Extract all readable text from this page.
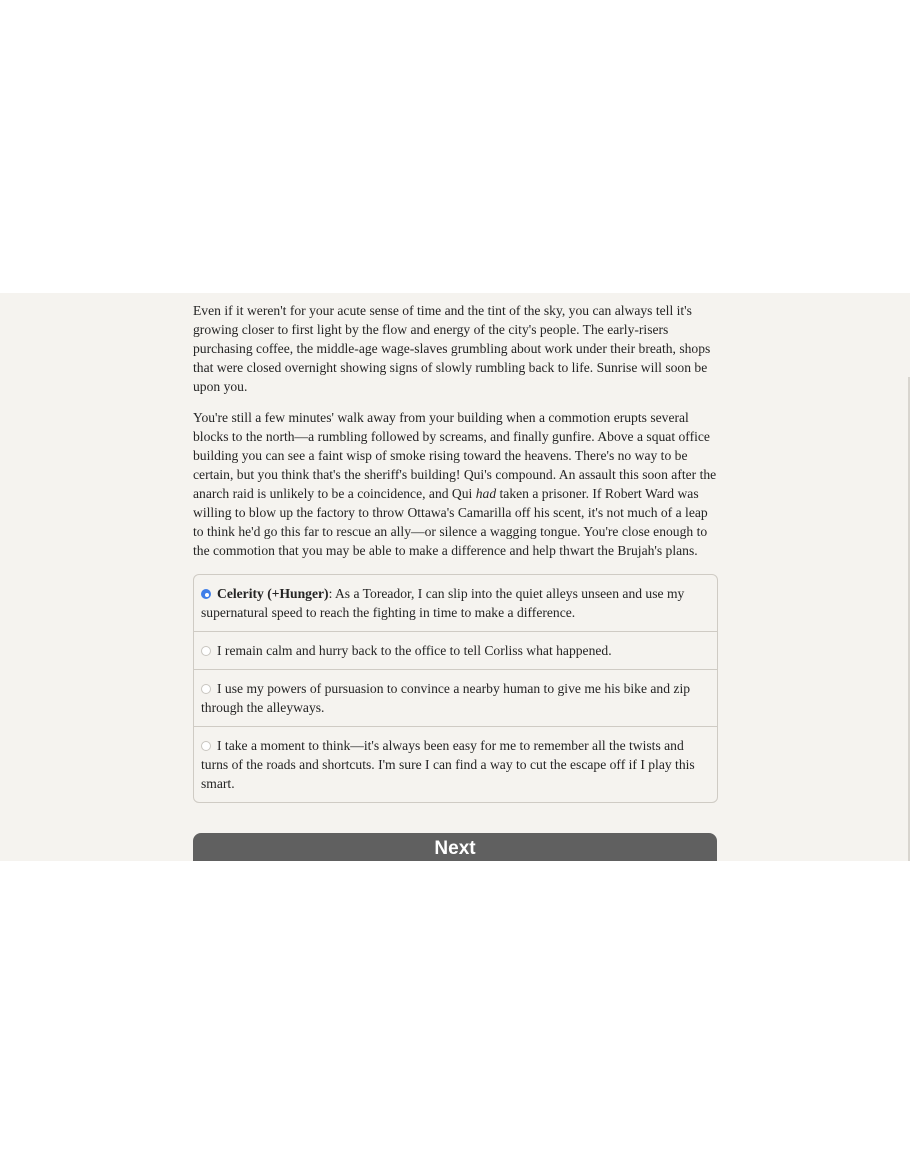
Even if it weren't for your acute sense of time and the tint of the sky, you can always tell it's growing closer to first light by the flow and energy of the city's people. The early-risers purchasing coffee, the middle-age wage-slaves grumbling about work under their breath, shops that were closed overnight showing signs of slowly rumbling back to life. Sunrise will soon be upon you.

You're still a few minutes' walk away from your building when a commotion erupts several blocks to the north—a rumbling followed by screams, and finally gunfire. Above a squat office building you can see a faint wisp of smoke rising toward the heavens. There's no way to be certain, but you think that's the sheriff's building! Qui's compound. An assault this soon after the anarch raid is unlikely to be a coincidence, and Qui had taken a prisoner. If Robert Ward was willing to blow up the factory to throw Ottawa's Camarilla off his scent, it's not much of a leap to think he'd go this far to rescue an ally—or silence a wagging tongue. You're close enough to the commotion that you may be able to make a difference and help thwart the Brujah's plans.

Celerity (+Hunger): As a Toreador, I can slip into the quiet alleys unseen and use my supernatural speed to reach the fighting in time to make a difference.
I remain calm and hurry back to the office to tell Corliss what happened.
I use my powers of pursuasion to convince a nearby human to give me his bike and zip through the alleyways.
I take a moment to think—it's always been easy for me to remember all the twists and turns of the roads and shortcuts. I'm sure I can find a way to cut the escape off if I play this smart.
Next
